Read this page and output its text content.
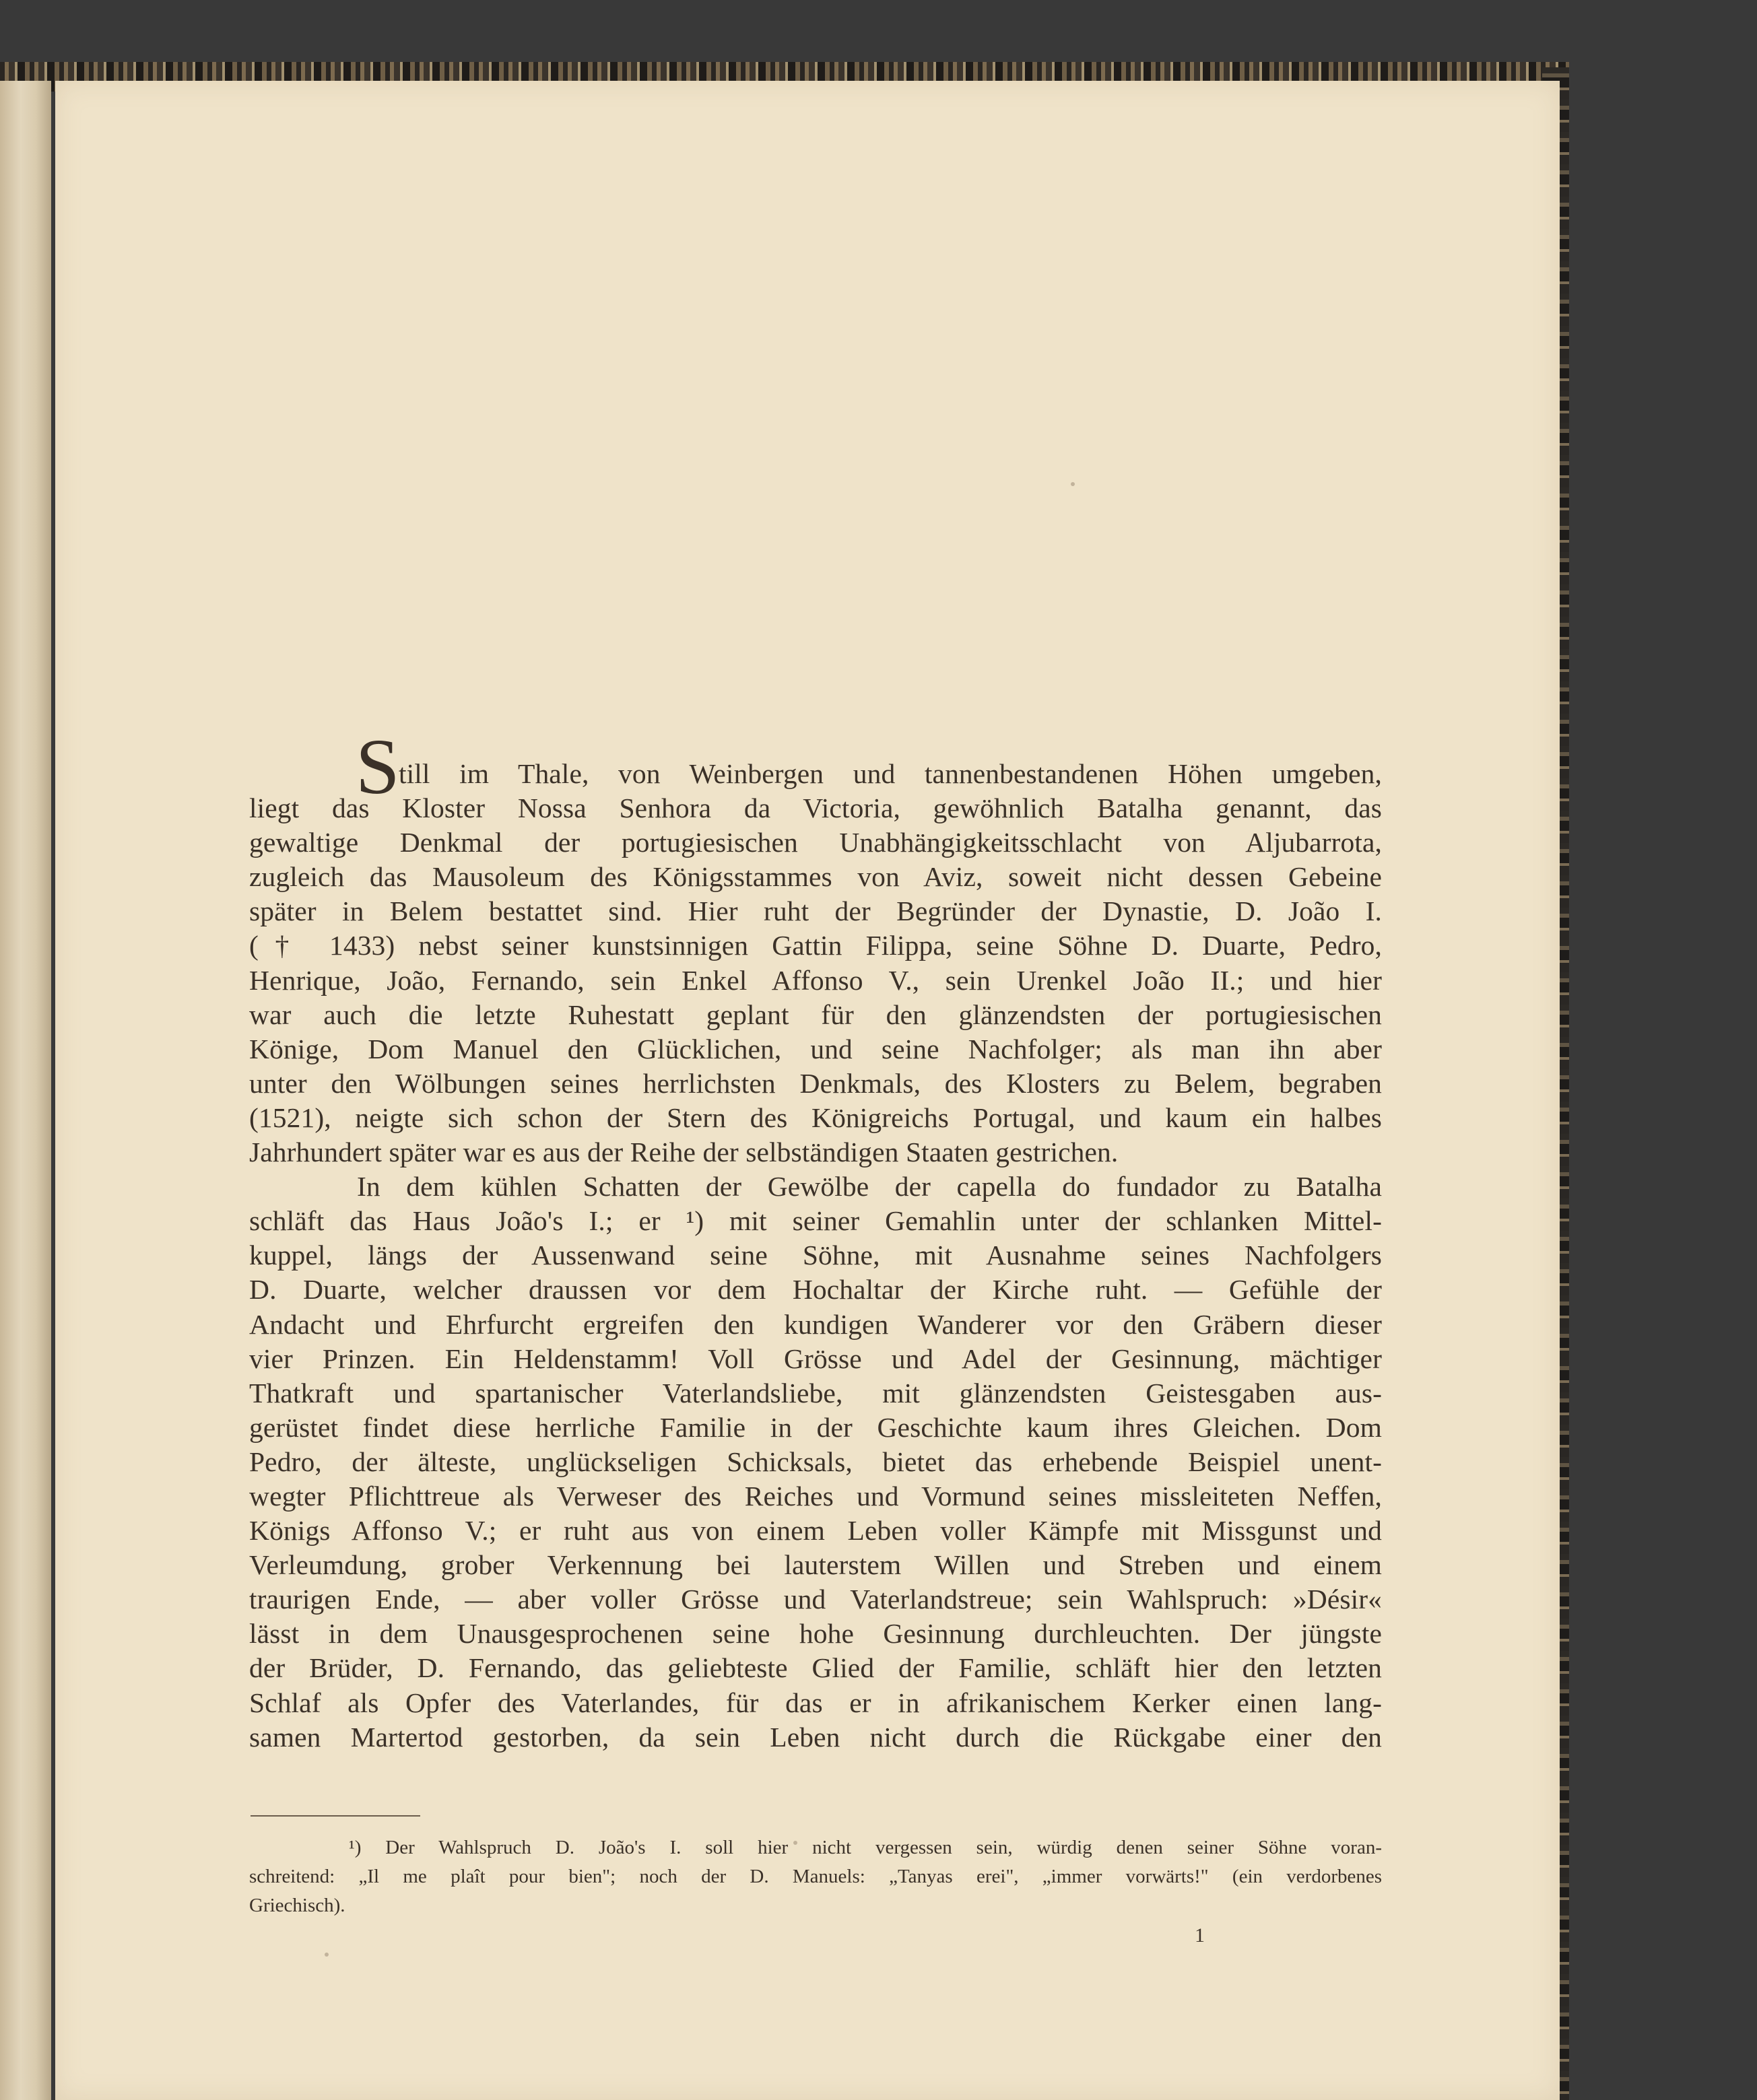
S
till im Thale, von Weinbergen und tannenbestandenen Höhen umgeben,
liegt das Kloster Nossa Senhora da Victoria, gewöhnlich Batalha genannt, das
gewaltige Denkmal der portugiesischen Unabhängigkeitsschlacht von Aljubarrota,
zugleich das Mausoleum des Königsstammes von Aviz, soweit nicht dessen Gebeine
später in Belem bestattet sind. Hier ruht der Begründer der Dynastie, D. João I.
(† 1433) nebst seiner kunstsinnigen Gattin Filippa, seine Söhne D. Duarte, Pedro,
Henrique, João, Fernando, sein Enkel Affonso V., sein Urenkel João II.; und hier
war auch die letzte Ruhestatt geplant für den glänzendsten der portugiesischen
Könige, Dom Manuel den Glücklichen, und seine Nachfolger; als man ihn aber
unter den Wölbungen seines herrlichsten Denkmals, des Klosters zu Belem, begraben
(1521), neigte sich schon der Stern des Königreichs Portugal, und kaum ein halbes
Jahrhundert später war es aus der Reihe der selbständigen Staaten gestrichen.
In dem kühlen Schatten der Gewölbe der capella do fundador zu Batalha
schläft das Haus João's I.; er ¹) mit seiner Gemahlin unter der schlanken Mittel-
kuppel, längs der Aussenwand seine Söhne, mit Ausnahme seines Nachfolgers
D. Duarte, welcher draussen vor dem Hochaltar der Kirche ruht. — Gefühle der
Andacht und Ehrfurcht ergreifen den kundigen Wanderer vor den Gräbern dieser
vier Prinzen. Ein Heldenstamm! Voll Grösse und Adel der Gesinnung, mächtiger
Thatkraft und spartanischer Vaterlandsliebe, mit glänzendsten Geistesgaben aus-
gerüstet findet diese herrliche Familie in der Geschichte kaum ihres Gleichen. Dom
Pedro, der älteste, unglückseligen Schicksals, bietet das erhebende Beispiel unent-
wegter Pflichttreue als Verweser des Reiches und Vormund seines missleiteten Neffen,
Königs Affonso V.; er ruht aus von einem Leben voller Kämpfe mit Missgunst und
Verleumdung, grober Verkennung bei lauterstem Willen und Streben und einem
traurigen Ende, — aber voller Grösse und Vaterlandstreue; sein Wahlspruch: »Désir«
lässt in dem Unausgesprochenen seine hohe Gesinnung durchleuchten. Der jüngste
der Brüder, D. Fernando, das geliebteste Glied der Familie, schläft hier den letzten
Schlaf als Opfer des Vaterlandes, für das er in afrikanischem Kerker einen lang-
samen Martertod gestorben, da sein Leben nicht durch die Rückgabe einer den
¹) Der Wahlspruch D. João's I. soll hier nicht vergessen sein, würdig denen seiner Söhne voran-
schreitend: „Il me plaît pour bien"; noch der D. Manuels: „Tanyas erei", „immer vorwärts!" (ein verdorbenes
Griechisch).
1
